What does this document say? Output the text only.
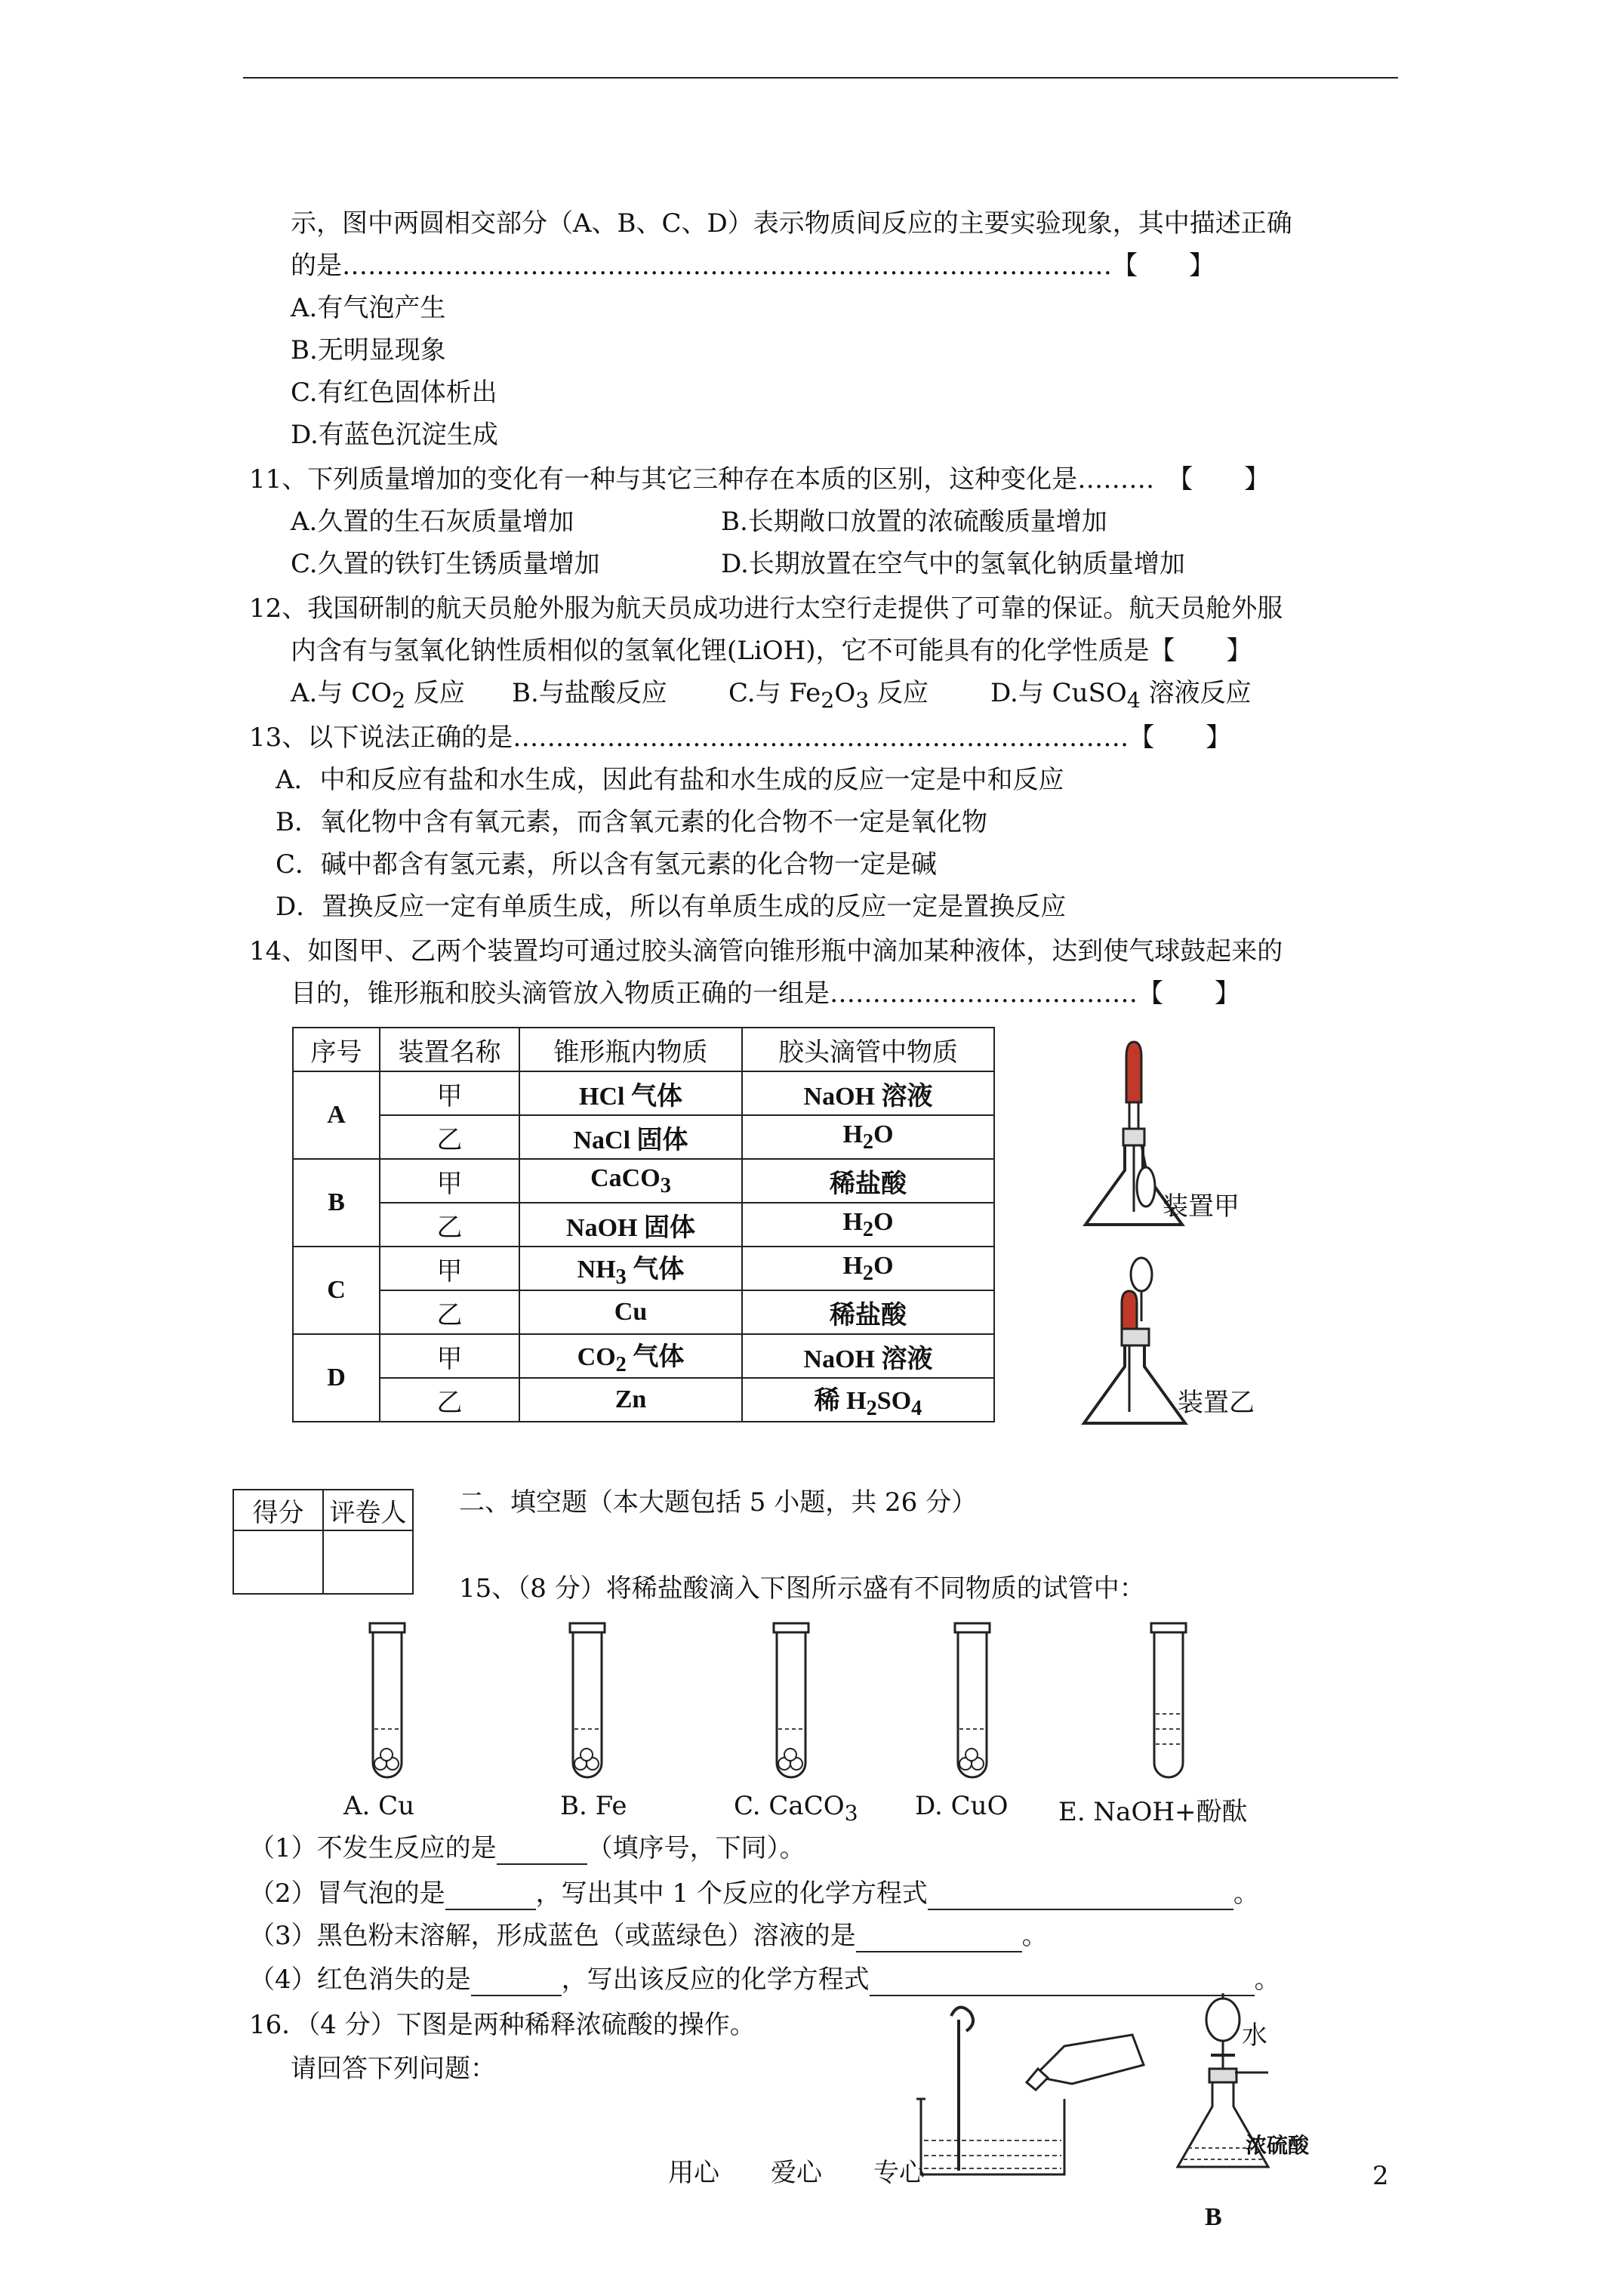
示，图中两圆相交部分（A、B、C、D）表示物质间反应的主要实验现象，其中描述正确
的是………………………………………………………………………………【　　】
A.有气泡产生
B.无明显现象
C.有红色固体析出
D.有蓝色沉淀生成
11、下列质量增加的变化有一种与其它三种存在本质的区别，这种变化是………　【　　】
A.久置的生石灰质量增加	B.长期敞口放置的浓硫酸质量增加
C.久置的铁钉生锈质量增加	D.长期放置在空气中的氢氧化钠质量增加
12、我国研制的航天员舱外服为航天员成功进行太空行走提供了可靠的保证。航天员舱外服
内含有与氢氧化钠性质相似的氢氧化锂(LiOH)，它不可能具有的化学性质是【　　】
A.与 $CO_2$ 反应 B.与盐酸反应 C.与 $Fe_2O_3$ 反应 D.与 CuSO$_4$ 溶液反应
13、以下说法正确的是………………………………………………………………【　　】
A．中和反应有盐和水生成，因此有盐和水生成的反应一定是中和反应
B．氧化物中含有氧元素，而含氧元素的化合物不一定是氧化物
C．碱中都含有氢元素，所以含有氢元素的化合物一定是碱
D．置换反应一定有单质生成，所以有单质生成的反应一定是置换反应
14、如图甲、乙两个装置均可通过胶头滴管向锥形瓶中滴加某种液体，达到使气球鼓起来的
目的，锥形瓶和胶头滴管放入物质正确的一组是………………………………【　　】
序号	装置名称	锥形瓶内物质	胶头滴管中物质
A	甲	HCl 气体	NaOH 溶液
	乙	NaCl 固体	$H_2O$
B	甲	CaCO$_3$	稀盐酸
	乙	NaOH 固体	$H_2O$
C	甲	$NH_3$ 气体	$H_2O$
	乙	Cu	稀盐酸
D	甲	$CO_2$ 气体	NaOH 溶液
	乙	Zn	稀 $H_2SO_4$
装置甲
装置乙
得分	评卷人
	二、填空题（本大题包括 5 小题，共 26 分）
15、（8 分）将稀盐酸滴入下图所示盛有不同物质的试管中：
A. Cu	B. Fe	C. CaCO$_3$ D. CuO E. NaOH+酚酞
（1）不发生反应的是	（填序号，下同）。
（2）冒气泡的是	，写出其中 1 个反应的化学方程式	。
（3）黑色粉末溶解，形成蓝色（或蓝绿色）溶液的是	。
（4）红色消失的是	，写出该反应的化学方程式	。
16．（4 分）下图是两种稀释浓硫酸的操作。
请回答下列问题：
水
浓硫酸
B
用心　　爱心　　专心	2
